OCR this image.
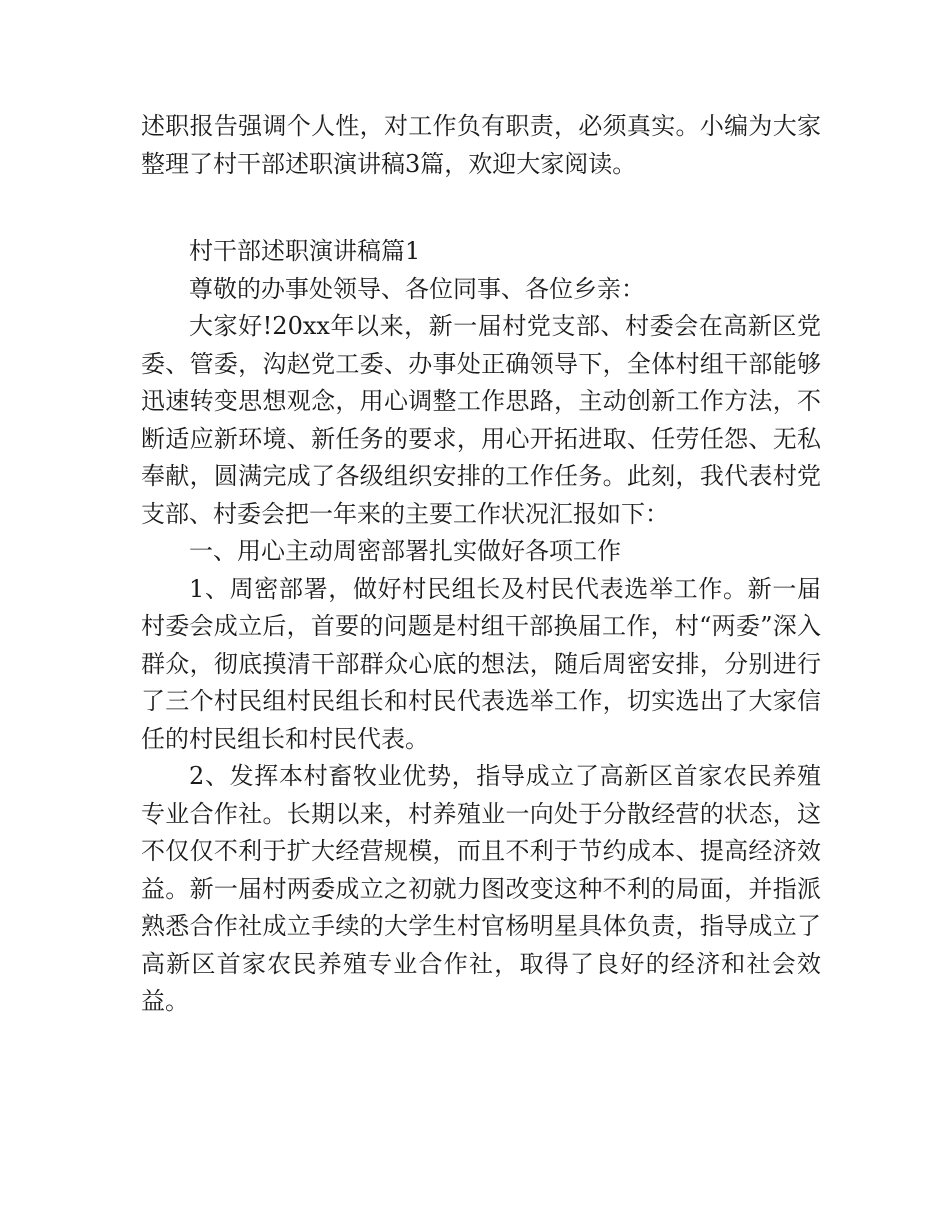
述职报告强调个人性，对工作负有职责，必须真实。小编为大家整理了村干部述职演讲稿3篇，欢迎大家阅读。

村干部述职演讲稿篇1

尊敬的办事处领导、各位同事、各位乡亲：

大家好!20xx年以来，新一届村党支部、村委会在高新区党委、管委，沟赵党工委、办事处正确领导下，全体村组干部能够迅速转变思想观念，用心调整工作思路，主动创新工作方法，不断适应新环境、新任务的要求，用心开拓进取、任劳任怨、无私奉献，圆满完成了各级组织安排的工作任务。此刻，我代表村党支部、村委会把一年来的主要工作状况汇报如下：

一、用心主动周密部署扎实做好各项工作

1、周密部署，做好村民组长及村民代表选举工作。新一届村委会成立后，首要的问题是村组干部换届工作，村“两委”深入群众，彻底摸清干部群众心底的想法，随后周密安排，分别进行了三个村民组村民组长和村民代表选举工作，切实选出了大家信任的村民组长和村民代表。

2、发挥本村畜牧业优势，指导成立了高新区首家农民养殖专业合作社。长期以来，村养殖业一向处于分散经营的状态，这不仅仅不利于扩大经营规模，而且不利于节约成本、提高经济效益。新一届村两委成立之初就力图改变这种不利的局面，并指派熟悉合作社成立手续的大学生村官杨明星具体负责，指导成立了高新区首家农民养殖专业合作社，取得了良好的经济和社会效益。
